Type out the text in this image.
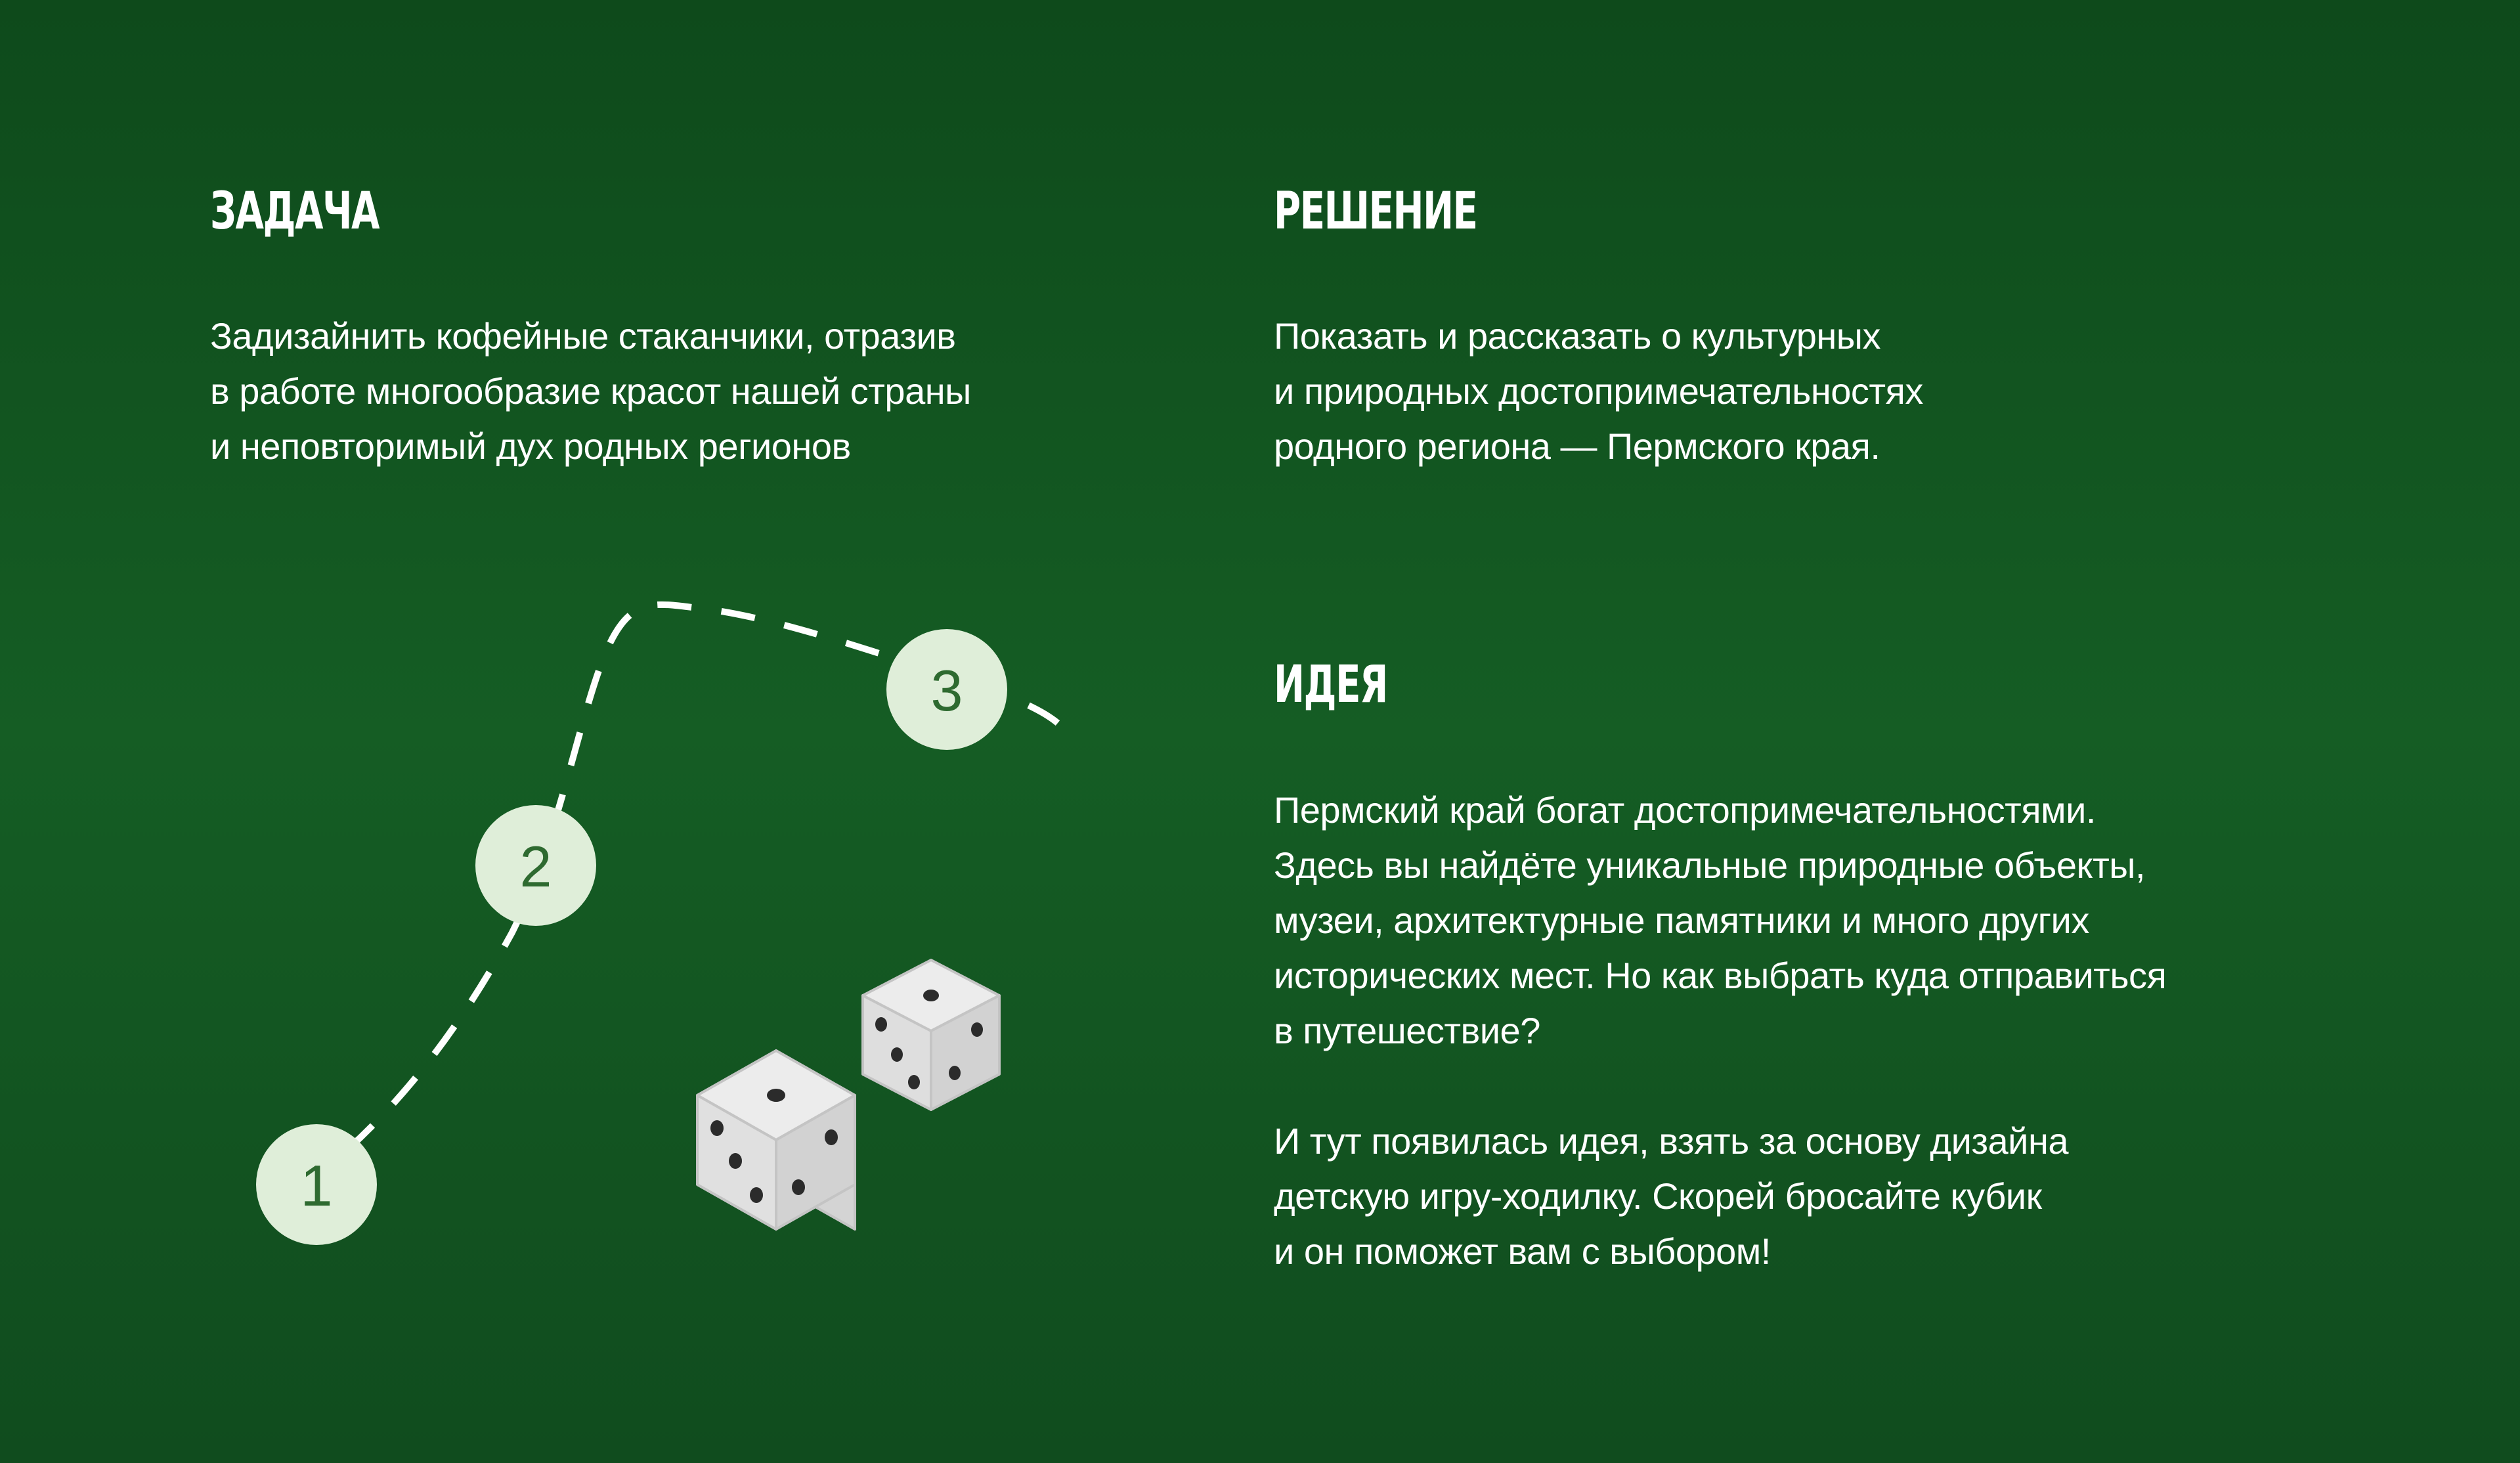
ЗАДАЧА

Задизайнить кофейные стаканчики, отразив
в работе многообразие красот нашей страны
и неповторимый дух родных регионов

РЕШЕНИЕ

Показать и рассказать о культурных
и природных достопримечательностях
родного региона — Пермского края.

ИДЕЯ

Пермский край богат достопримечательностями.
Здесь вы найдёте уникальные природные объекты,
музеи, архитектурные памятники и много других
исторических мест. Но как выбрать куда отправиться
в путешествие?

И тут появилась идея, взять за основу дизайна
детскую игру-ходилку. Скорей бросайте кубик
и он поможет вам с выбором!

1
2
3
